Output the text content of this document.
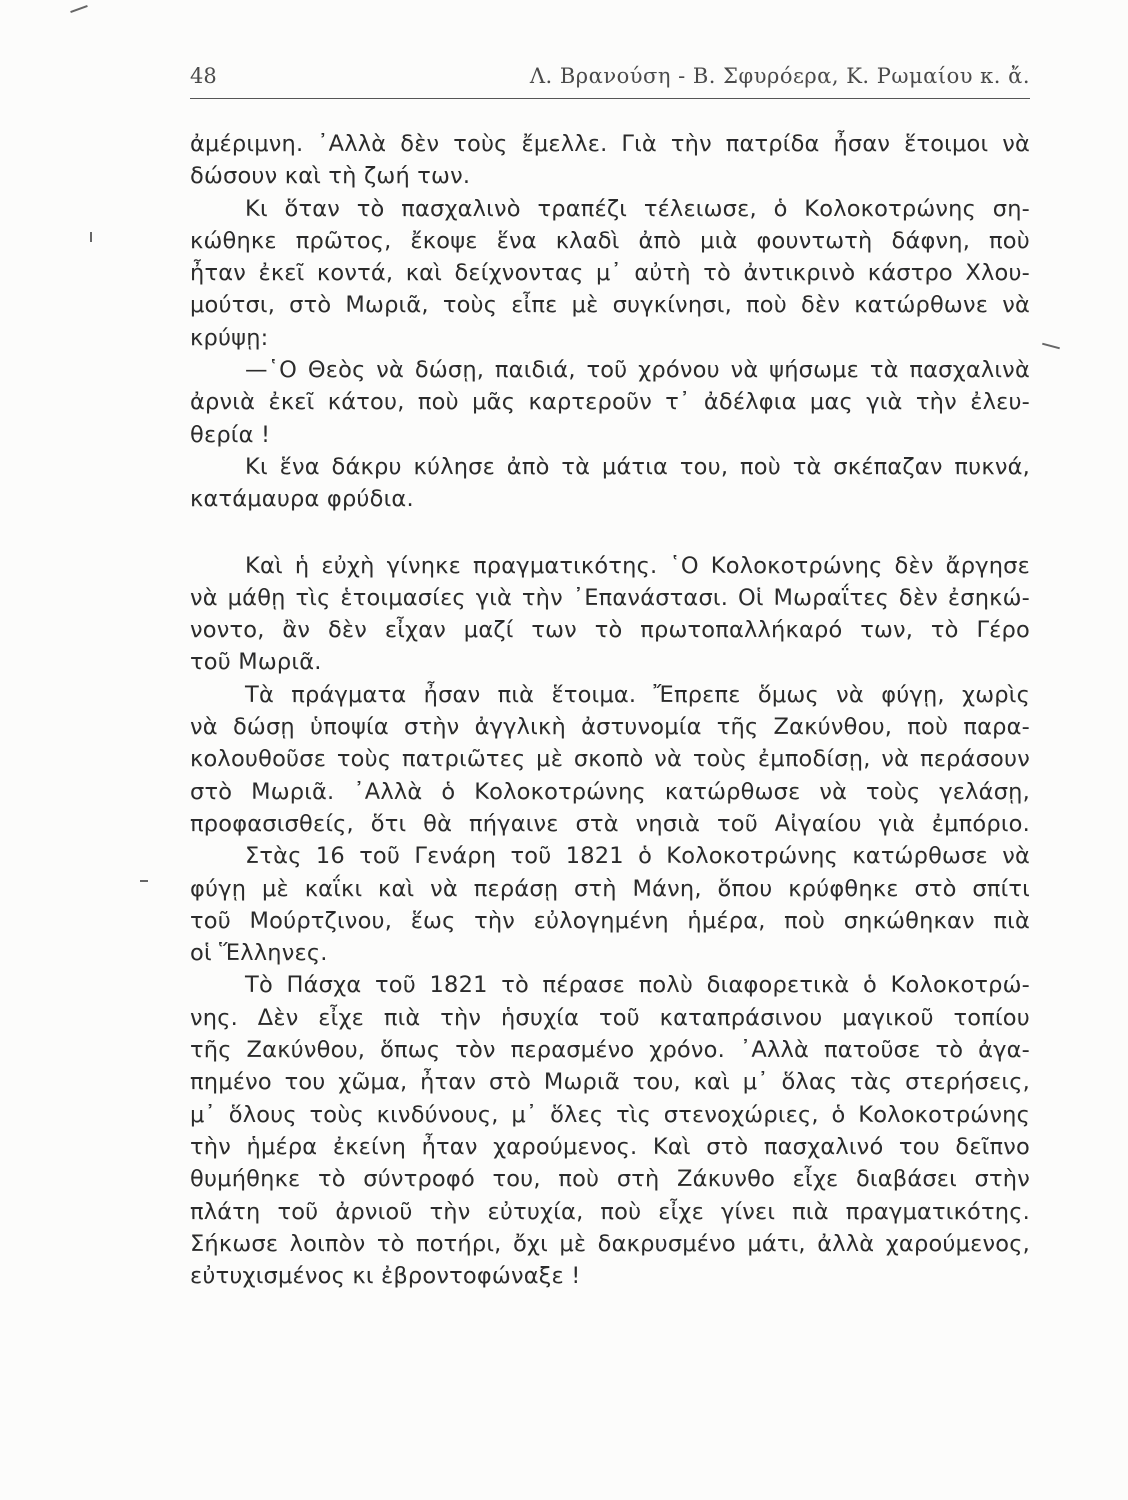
48	Λ. Βρανούση - Β. Σφυρόερα, Κ. Ρωμαίου κ. ἄ.
ἀμέριμνη. ᾿Αλλὰ δὲν τοὺς ἔμελλε. Γιὰ τὴν πατρίδα ἦσαν ἕτοιμοι νὰ
δώσουν καὶ τὴ ζωή των.
Κι ὅταν τὸ πασχαλινὸ τραπέζι τέλειωσε, ὁ Κολοκοτρώνης ση-
κώθηκε πρῶτος, ἔκοψε ἕνα κλαδὶ ἀπὸ μιὰ φουντωτὴ δάφνη, ποὺ
ἦταν ἐκεῖ κοντά, καὶ δείχνοντας μ᾿ αὐτὴ τὸ ἀντικρινὸ κάστρο Χλου-
μούτσι, στὸ Μωριᾶ, τοὺς εἶπε μὲ συγκίνησι, ποὺ δὲν κατώρθωνε νὰ
κρύψῃ:
—῾Ο Θεὸς νὰ δώσῃ, παιδιά, τοῦ χρόνου νὰ ψήσωμε τὰ πασχαλινὰ
ἀρνιὰ ἐκεῖ κάτου, ποὺ μᾶς καρτεροῦν τ᾿ ἀδέλφια μας γιὰ τὴν ἐλευ-
θερία !
Κι ἕνα δάκρυ κύλησε ἀπὸ τὰ μάτια του, ποὺ τὰ σκέπαζαν πυκνά,
κατάμαυρα φρύδια.
Καὶ ἡ εὐχὴ γίνηκε πραγματικότης. ῾Ο Κολοκοτρώνης δὲν ἄργησε
νὰ μάθῃ τὶς ἑτοιμασίες γιὰ τὴν ᾿Επανάστασι. Οἱ Μωραΐτες δὲν ἐσηκώ-
νοντο, ἂν δὲν εἶχαν μαζί των τὸ πρωτοπαλλήκαρό των, τὸ Γέρο
τοῦ Μωριᾶ.
Τὰ πράγματα ἦσαν πιὰ ἕτοιμα. Ἔπρεπε ὅμως νὰ φύγῃ, χωρὶς
νὰ δώσῃ ὑποψία στὴν ἀγγλικὴ ἀστυνομία τῆς Ζακύνθου, ποὺ παρα-
κολουθοῦσε τοὺς πατριῶτες μὲ σκοπὸ νὰ τοὺς ἐμποδίσῃ, νὰ περάσουν
στὸ Μωριᾶ. ᾿Αλλὰ ὁ Κολοκοτρώνης κατώρθωσε νὰ τοὺς γελάσῃ,
προφασισθείς, ὅτι θὰ πήγαινε στὰ νησιὰ τοῦ Αἰγαίου γιὰ ἐμπόριο.
Στὰς 16 τοῦ Γενάρη τοῦ 1821 ὁ Κολοκοτρώνης κατώρθωσε νὰ
φύγῃ μὲ καΐκι καὶ νὰ περάσῃ στὴ Μάνη, ὅπου κρύφθηκε στὸ σπίτι
τοῦ Μούρτζινου, ἕως τὴν εὐλογημένη ἡμέρα, ποὺ σηκώθηκαν πιὰ
οἱ Ἕλληνες.
Τὸ Πάσχα τοῦ 1821 τὸ πέρασε πολὺ διαφορετικὰ ὁ Κολοκοτρώ-
νης. Δὲν εἶχε πιὰ τὴν ἡσυχία τοῦ καταπράσινου μαγικοῦ τοπίου
τῆς Ζακύνθου, ὅπως τὸν περασμένο χρόνο. ᾿Αλλὰ πατοῦσε τὸ ἀγα-
πημένο του χῶμα, ἦταν στὸ Μωριᾶ του, καὶ μ᾿ ὅλας τὰς στερήσεις,
μ᾿ ὅλους τοὺς κινδύνους, μ᾿ ὅλες τὶς στενοχώριες, ὁ Κολοκοτρώνης
τὴν ἡμέρα ἐκείνη ἦταν χαρούμενος. Καὶ στὸ πασχαλινό του δεῖπνο
θυμήθηκε τὸ σύντροφό του, ποὺ στὴ Ζάκυνθο εἶχε διαβάσει στὴν
πλάτη τοῦ ἀρνιοῦ τὴν εὐτυχία, ποὺ εἶχε γίνει πιὰ πραγματικότης.
Σήκωσε λοιπὸν τὸ ποτήρι, ὄχι μὲ δακρυσμένο μάτι, ἀλλὰ χαρούμενος,
εὐτυχισμένος κι ἐβροντοφώναξε !
